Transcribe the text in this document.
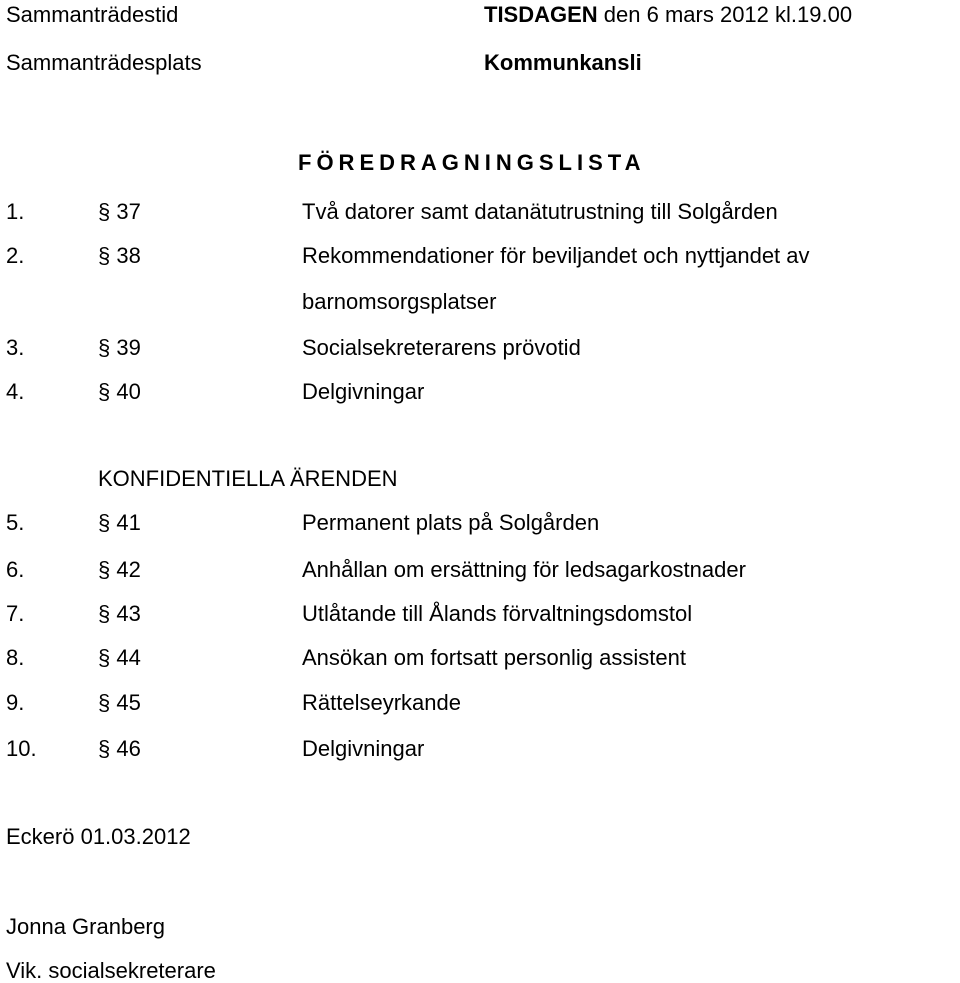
Sammanträdestid	TISDAGEN den 6 mars 2012 kl.19.00
Sammanträdesplats	Kommunkansli
FÖREDRAGNINGSLISTA
1.	§ 37	Två datorer samt datanätutrustning till Solgården
2.	§ 38	Rekommendationer för beviljandet och nyttjandet av
barnomsorgsplatser
3.	§ 39	Socialsekreterarens prövotid
4.	§ 40	Delgivningar
KONFIDENTIELLA ÄRENDEN
5.	§ 41	Permanent plats på Solgården
6.	§ 42	Anhållan om ersättning för ledsagarkostnader
7.	§ 43	Utlåtande till Ålands förvaltningsdomstol
8.	§ 44	Ansökan om fortsatt personlig assistent
9.	§ 45	Rättelseyrkande
10.	§ 46	Delgivningar
Eckerö 01.03.2012
Jonna Granberg
Vik. socialsekreterare
